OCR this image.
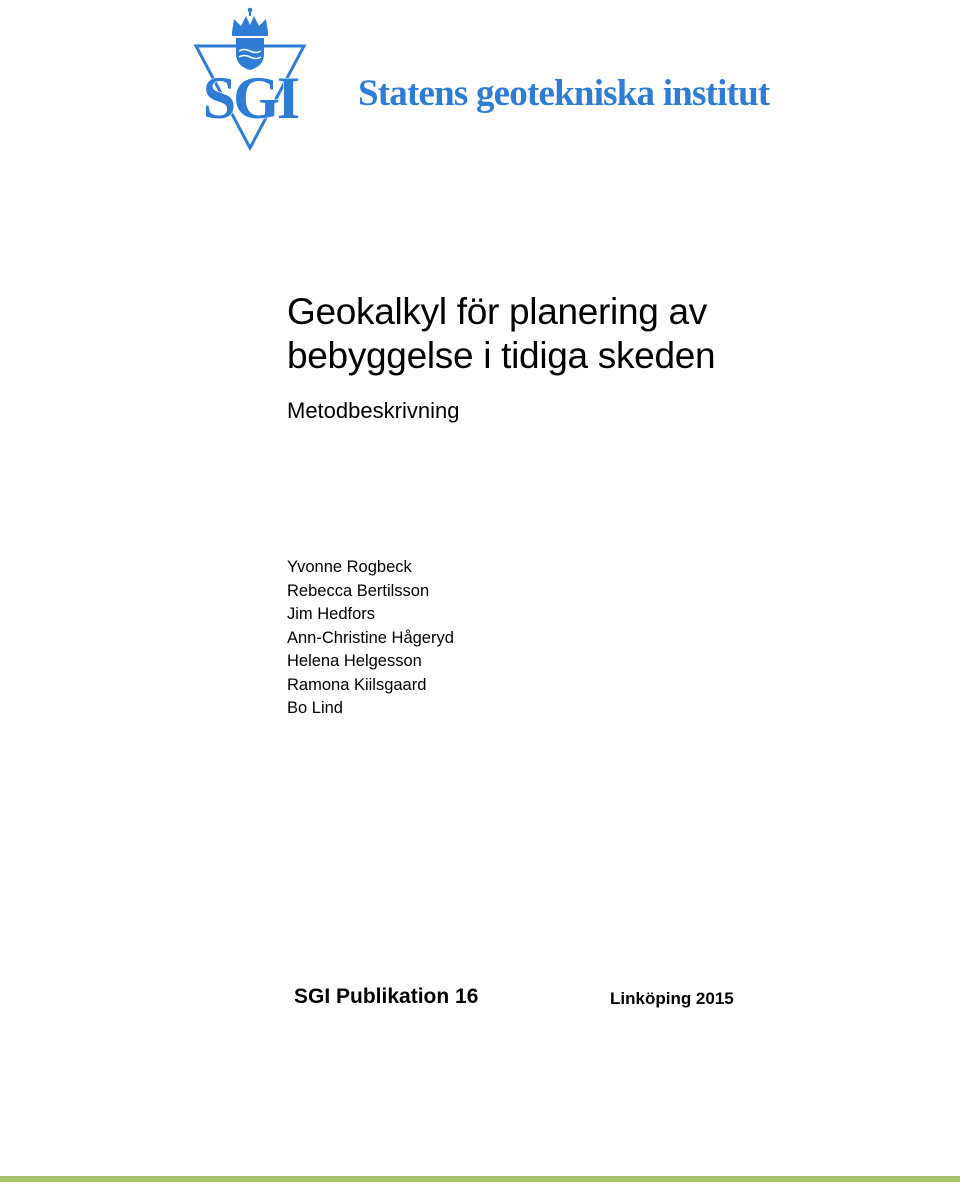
SGI Statens geotekniska institut
Geokalkyl för planering av
bebyggelse i tidiga skeden
Metodbeskrivning
Yvonne Rogbeck
Rebecca Bertilsson
Jim Hedfors
Ann-Christine Hågeryd
Helena Helgesson
Ramona Kiilsgaard
Bo Lind
SGI Publikation 16	Linköping 2015
